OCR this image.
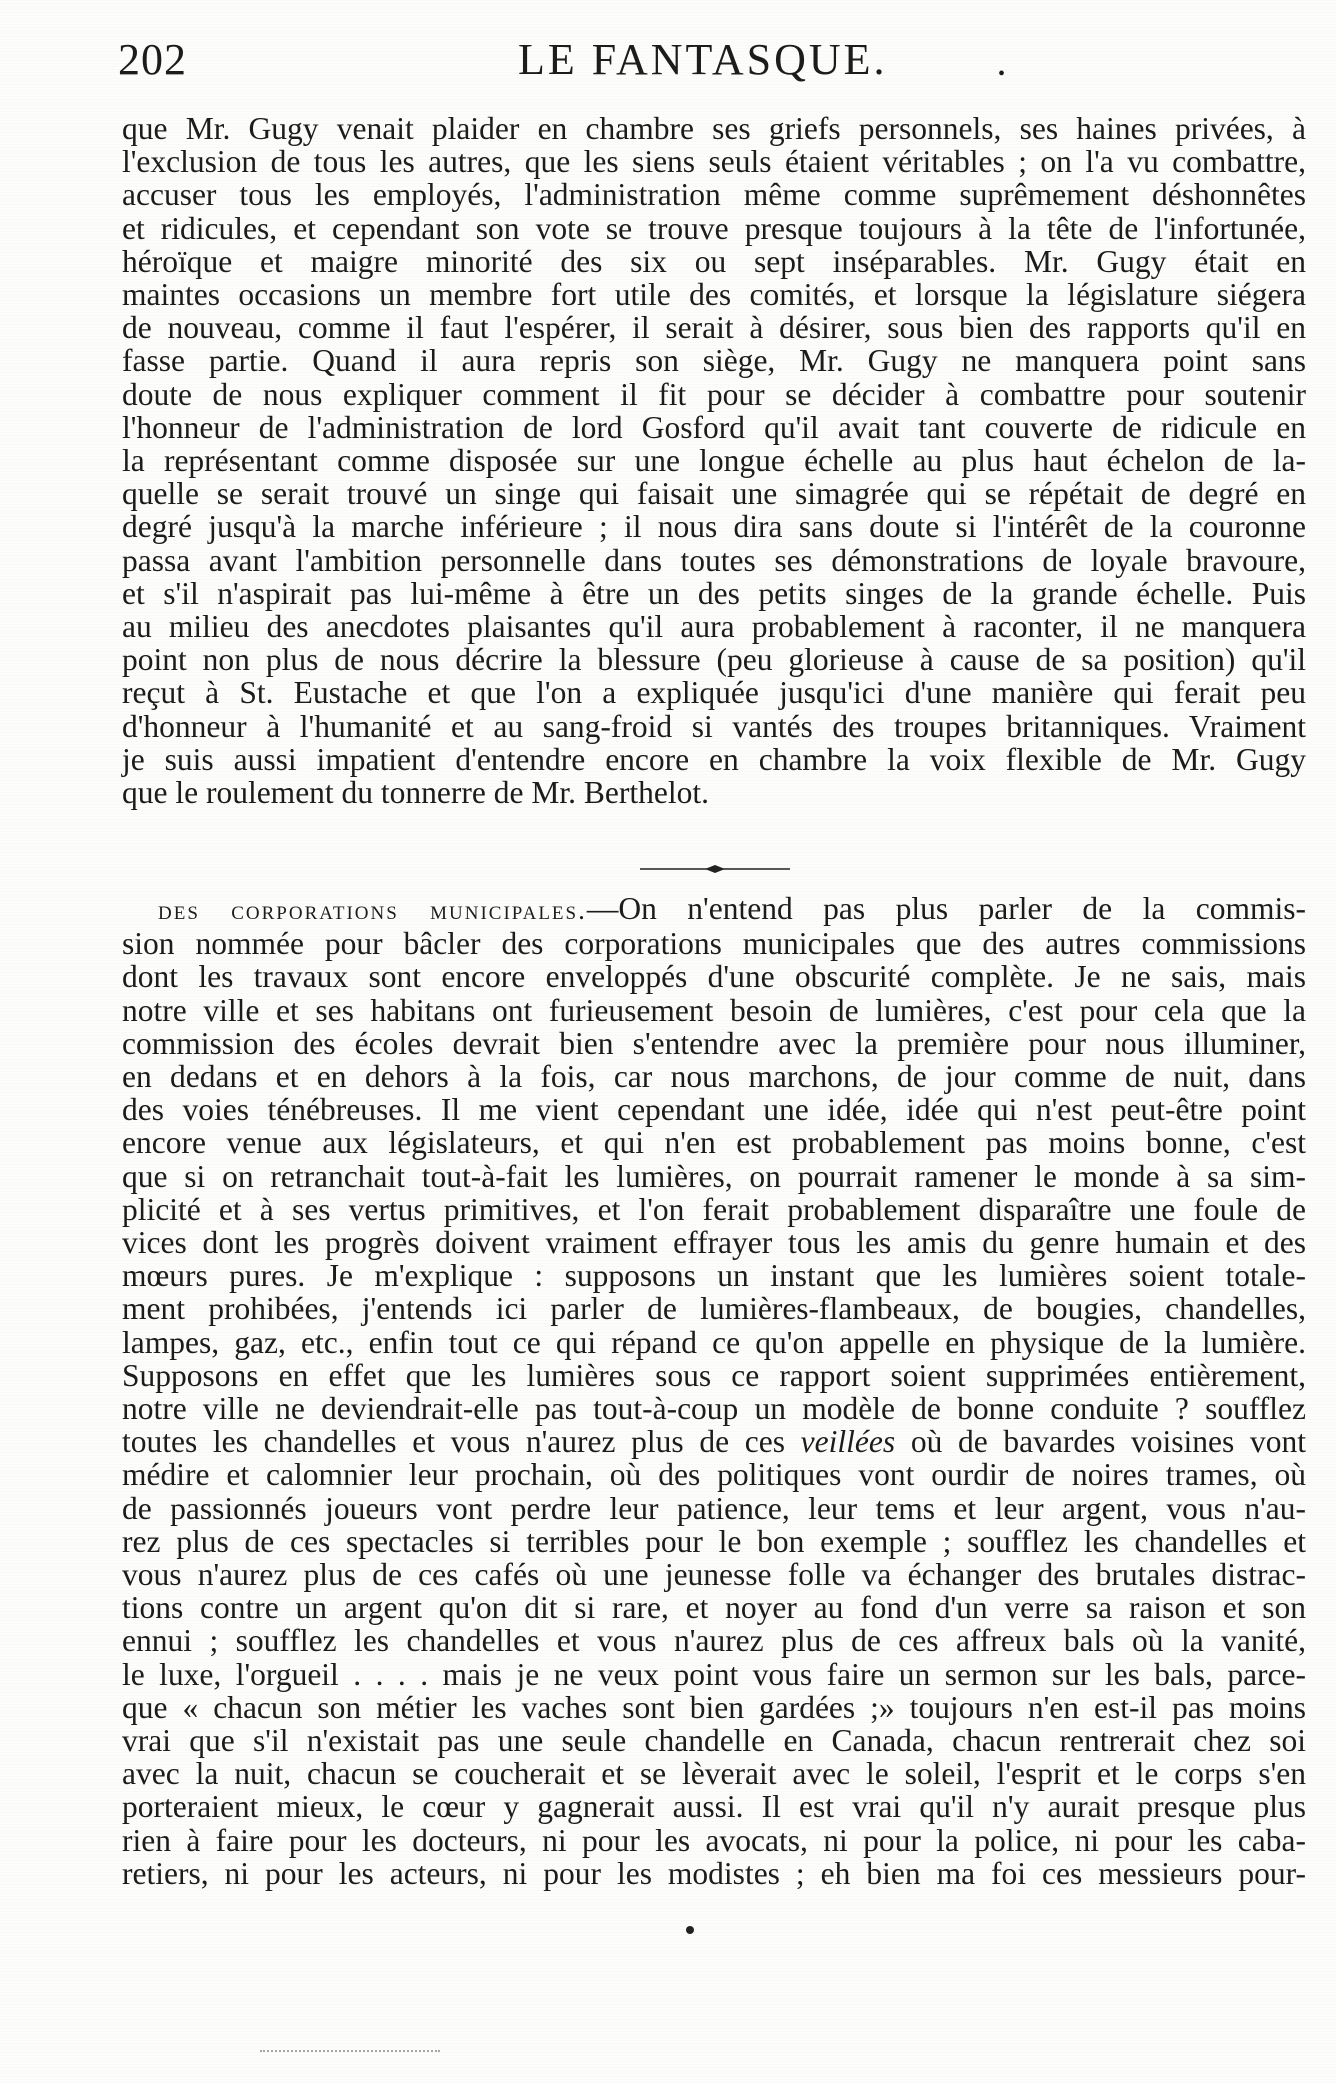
202	LE FANTASQUE.	•
que Mr. Gugy venait plaider en chambre ses griefs personnels, ses haines privées, à
l'exclusion de tous les autres, que les siens seuls étaient véritables ; on l'a vu combattre,
accuser tous les employés, l'administration même comme suprêmement déshonnêtes
et ridicules, et cependant son vote se trouve presque toujours à la tête de l'infortunée,
héroïque et maigre minorité des six ou sept inséparables. Mr. Gugy était en
maintes occasions un membre fort utile des comités, et lorsque la législature siégera
de nouveau, comme il faut l'espérer, il serait à désirer, sous bien des rapports qu'il en
fasse partie. Quand il aura repris son siège, Mr. Gugy ne manquera point sans
doute de nous expliquer comment il fit pour se décider à combattre pour soutenir
l'honneur de l'administration de lord Gosford qu'il avait tant couverte de ridicule en
la représentant comme disposée sur une longue échelle au plus haut échelon de la-
quelle se serait trouvé un singe qui faisait une simagrée qui se répétait de degré en
degré jusqu'à la marche inférieure ; il nous dira sans doute si l'intérêt de la couronne
passa avant l'ambition personnelle dans toutes ses démonstrations de loyale bravoure,
et s'il n'aspirait pas lui-même à être un des petits singes de la grande échelle. Puis
au milieu des anecdotes plaisantes qu'il aura probablement à raconter, il ne manquera
point non plus de nous décrire la blessure (peu glorieuse à cause de sa position) qu'il
reçut à St. Eustache et que l'on a expliquée jusqu'ici d'une manière qui ferait peu
d'honneur à l'humanité et au sang-froid si vantés des troupes britanniques. Vraiment
je suis aussi impatient d'entendre encore en chambre la voix flexible de Mr. Gugy
que le roulement du tonnerre de Mr. Berthelot.
des corporations municipales.—On n'entend pas plus parler de la commis-
sion nommée pour bâcler des corporations municipales que des autres commissions
dont les travaux sont encore enveloppés d'une obscurité complète. Je ne sais, mais
notre ville et ses habitans ont furieusement besoin de lumières, c'est pour cela que la
commission des écoles devrait bien s'entendre avec la première pour nous illuminer,
en dedans et en dehors à la fois, car nous marchons, de jour comme de nuit, dans
des voies ténébreuses. Il me vient cependant une idée, idée qui n'est peut-être point
encore venue aux législateurs, et qui n'en est probablement pas moins bonne, c'est
que si on retranchait tout-à-fait les lumières, on pourrait ramener le monde à sa sim-
plicité et à ses vertus primitives, et l'on ferait probablement disparaître une foule de
vices dont les progrès doivent vraiment effrayer tous les amis du genre humain et des
mœurs pures. Je m'explique : supposons un instant que les lumières soient totale-
ment prohibées, j'entends ici parler de lumières-flambeaux, de bougies, chandelles,
lampes, gaz, etc., enfin tout ce qui répand ce qu'on appelle en physique de la lumière.
Supposons en effet que les lumières sous ce rapport soient supprimées entièrement,
notre ville ne deviendrait-elle pas tout-à-coup un modèle de bonne conduite ? soufflez
toutes les chandelles et vous n'aurez plus de ces veillées où de bavardes voisines vont
médire et calomnier leur prochain, où des politiques vont ourdir de noires trames, où
de passionnés joueurs vont perdre leur patience, leur tems et leur argent, vous n'au-
rez plus de ces spectacles si terribles pour le bon exemple ; soufflez les chandelles et
vous n'aurez plus de ces cafés où une jeunesse folle va échanger des brutales distrac-
tions contre un argent qu'on dit si rare, et noyer au fond d'un verre sa raison et son
ennui ; soufflez les chandelles et vous n'aurez plus de ces affreux bals où la vanité,
le luxe, l'orgueil . . . . mais je ne veux point vous faire un sermon sur les bals, parce-
que « chacun son métier les vaches sont bien gardées ;» toujours n'en est-il pas moins
vrai que s'il n'existait pas une seule chandelle en Canada, chacun rentrerait chez soi
avec la nuit, chacun se coucherait et se lèverait avec le soleil, l'esprit et le corps s'en
porteraient mieux, le cœur y gagnerait aussi. Il est vrai qu'il n'y aurait presque plus
rien à faire pour les docteurs, ni pour les avocats, ni pour la police, ni pour les caba-
retiers, ni pour les acteurs, ni pour les modistes ; eh bien ma foi ces messieurs pour-
